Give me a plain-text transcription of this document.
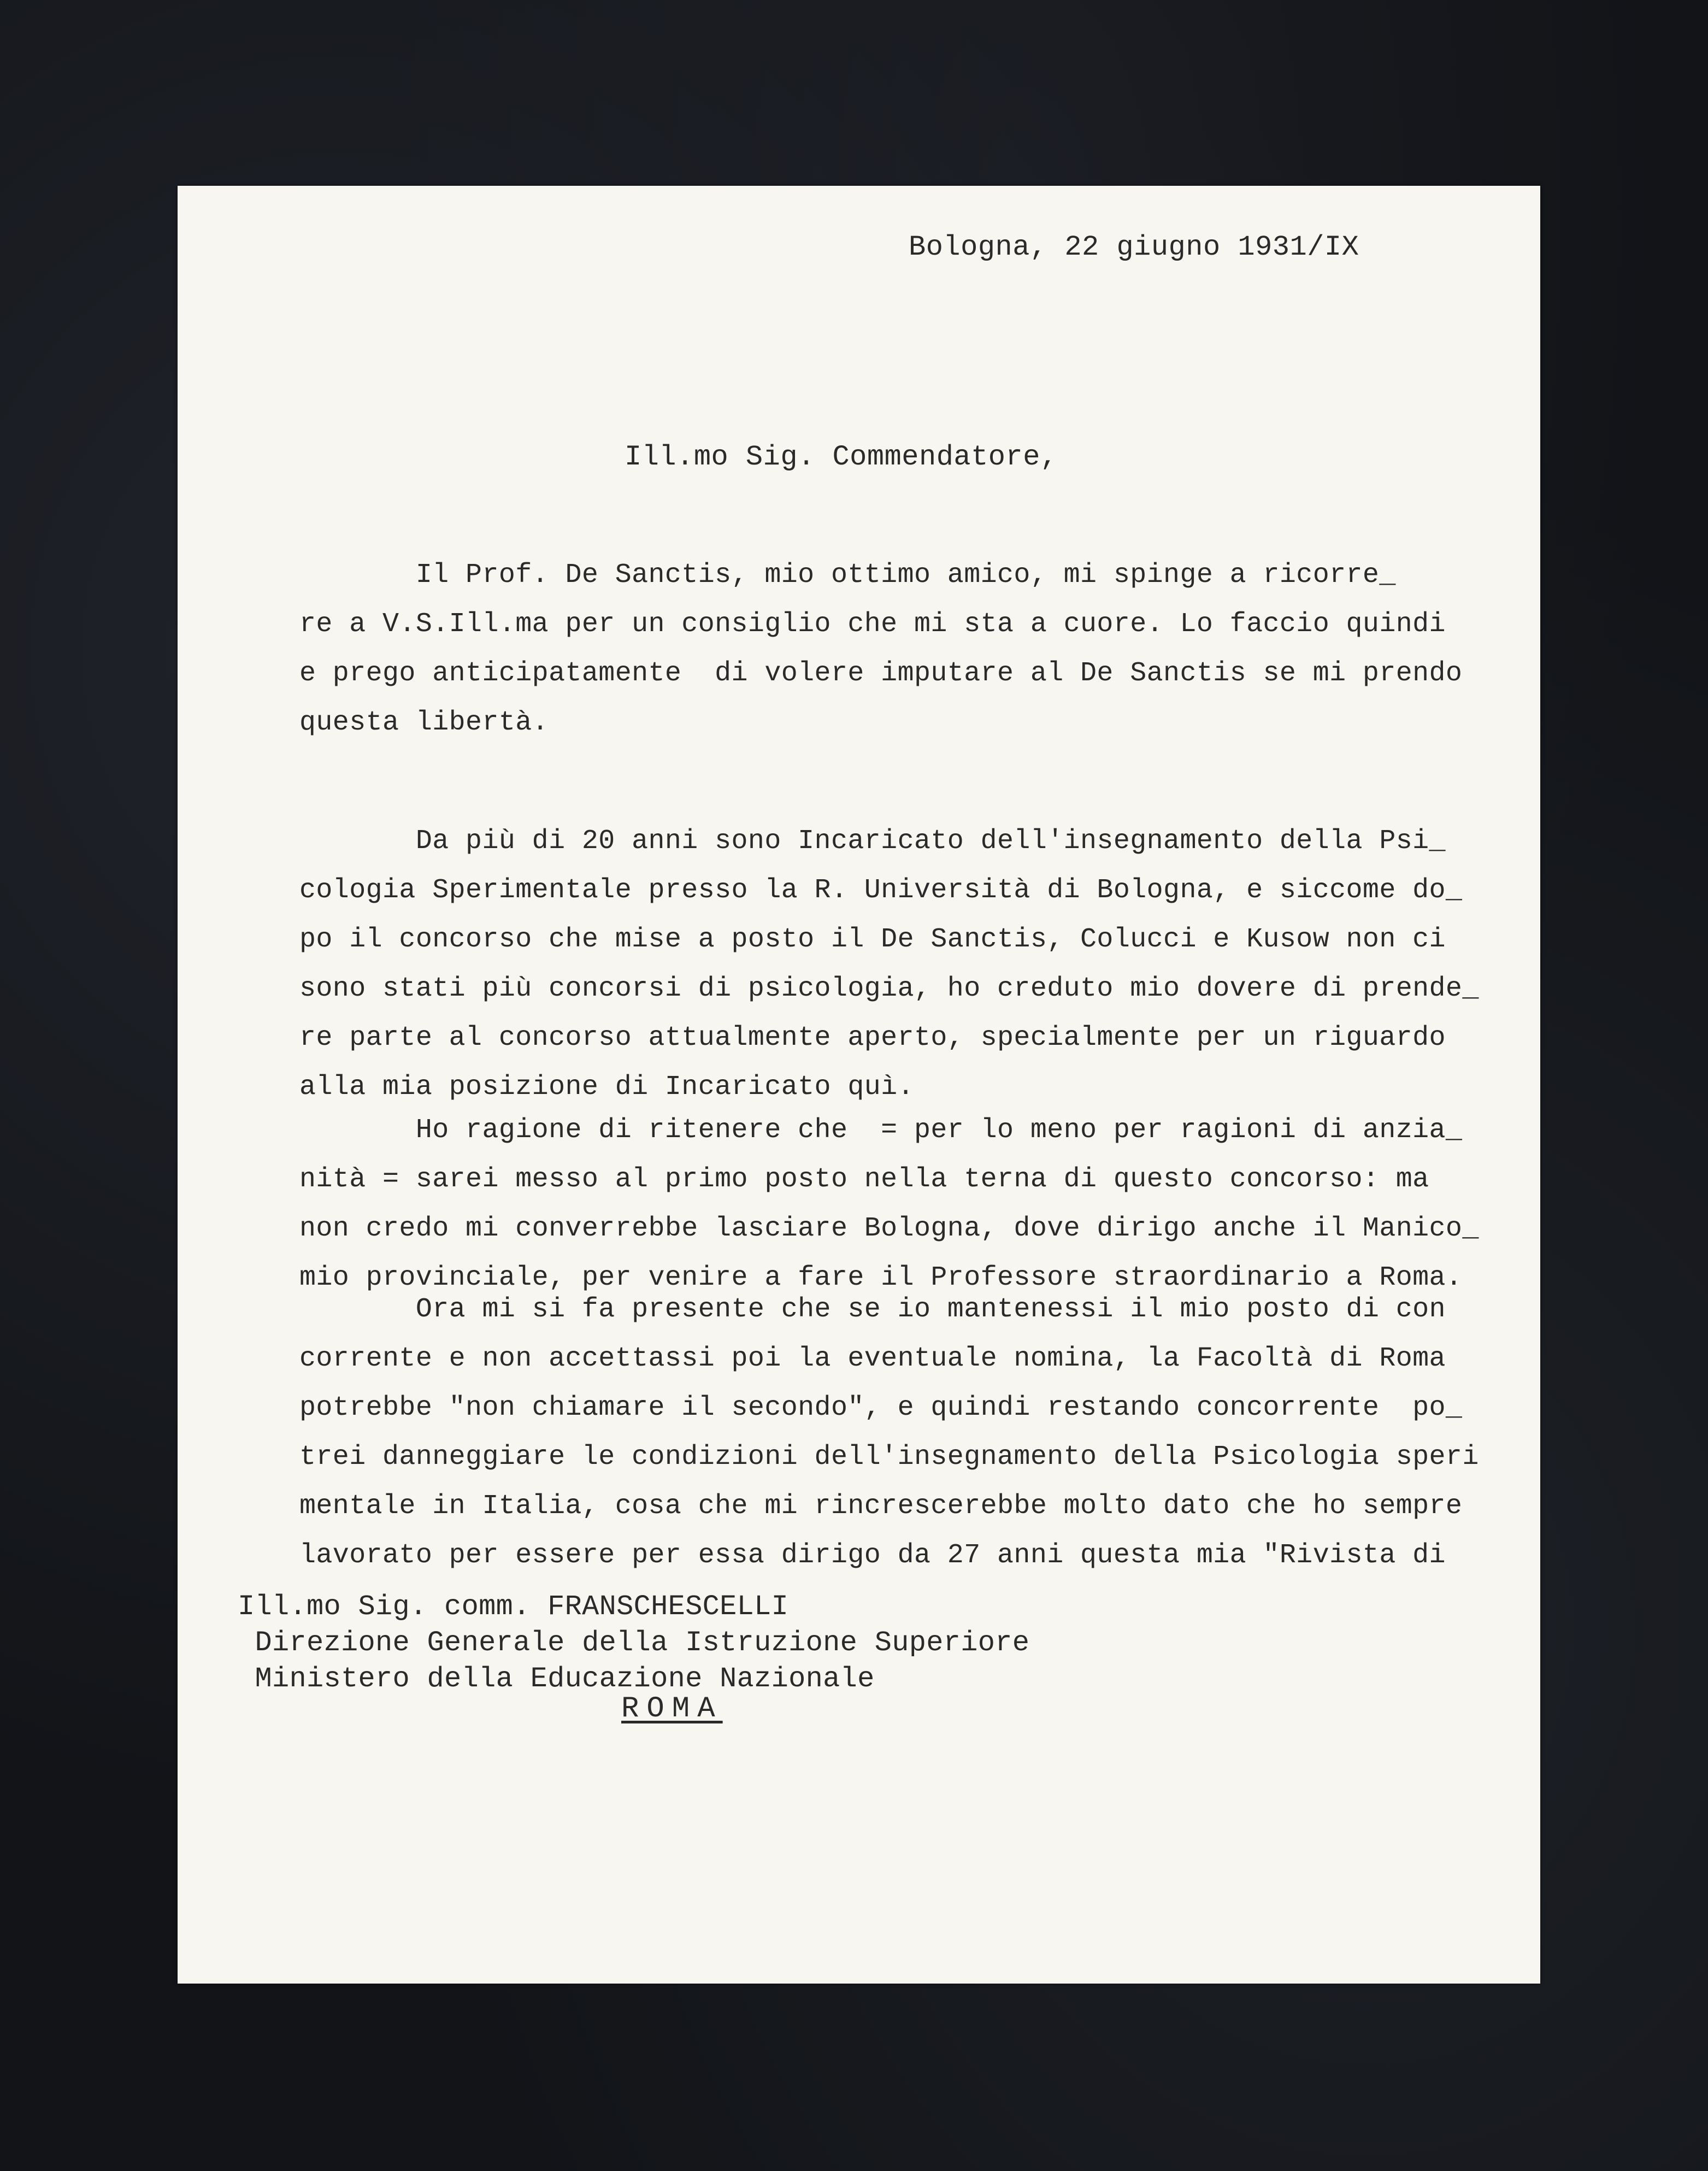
Bologna, 22 giugno 1931/IX
Ill.mo Sig. Commendatore,
Il Prof. De Sanctis, mio ottimo amico, mi spinge a ricorre_
re a V.S.Ill.ma per un consiglio che mi sta a cuore. Lo faccio quindi
e prego anticipatamente  di volere imputare al De Sanctis se mi prendo
questa libertà.
Da più di 20 anni sono Incaricato dell'insegnamento della Psi_
cologia Sperimentale presso la R. Università di Bologna, e siccome do_
po il concorso che mise a posto il De Sanctis, Colucci e Kusow non ci
sono stati più concorsi di psicologia, ho creduto mio dovere di prende_
re parte al concorso attualmente aperto, specialmente per un riguardo
alla mia posizione di Incaricato quì.
Ho ragione di ritenere che  = per lo meno per ragioni di anzia_
nità = sarei messo al primo posto nella terna di questo concorso: ma
non credo mi converrebbe lasciare Bologna, dove dirigo anche il Manico_
mio provinciale, per venire a fare il Professore straordinario a Roma.
Ora mi si fa presente che se io mantenessi il mio posto di con
corrente e non accettassi poi la eventuale nomina, la Facoltà di Roma
potrebbe "non chiamare il secondo", e quindi restando concorrente  po_
trei danneggiare le condizioni dell'insegnamento della Psicologia speri
mentale in Italia, cosa che mi rincrescerebbe molto dato che ho sempre
lavorato per essere per essa dirigo da 27 anni questa mia "Rivista di
Ill.mo Sig. comm. FRANSCHESCELLI
Direzione Generale della Istruzione Superiore
Ministero della Educazione Nazionale
ROMA
